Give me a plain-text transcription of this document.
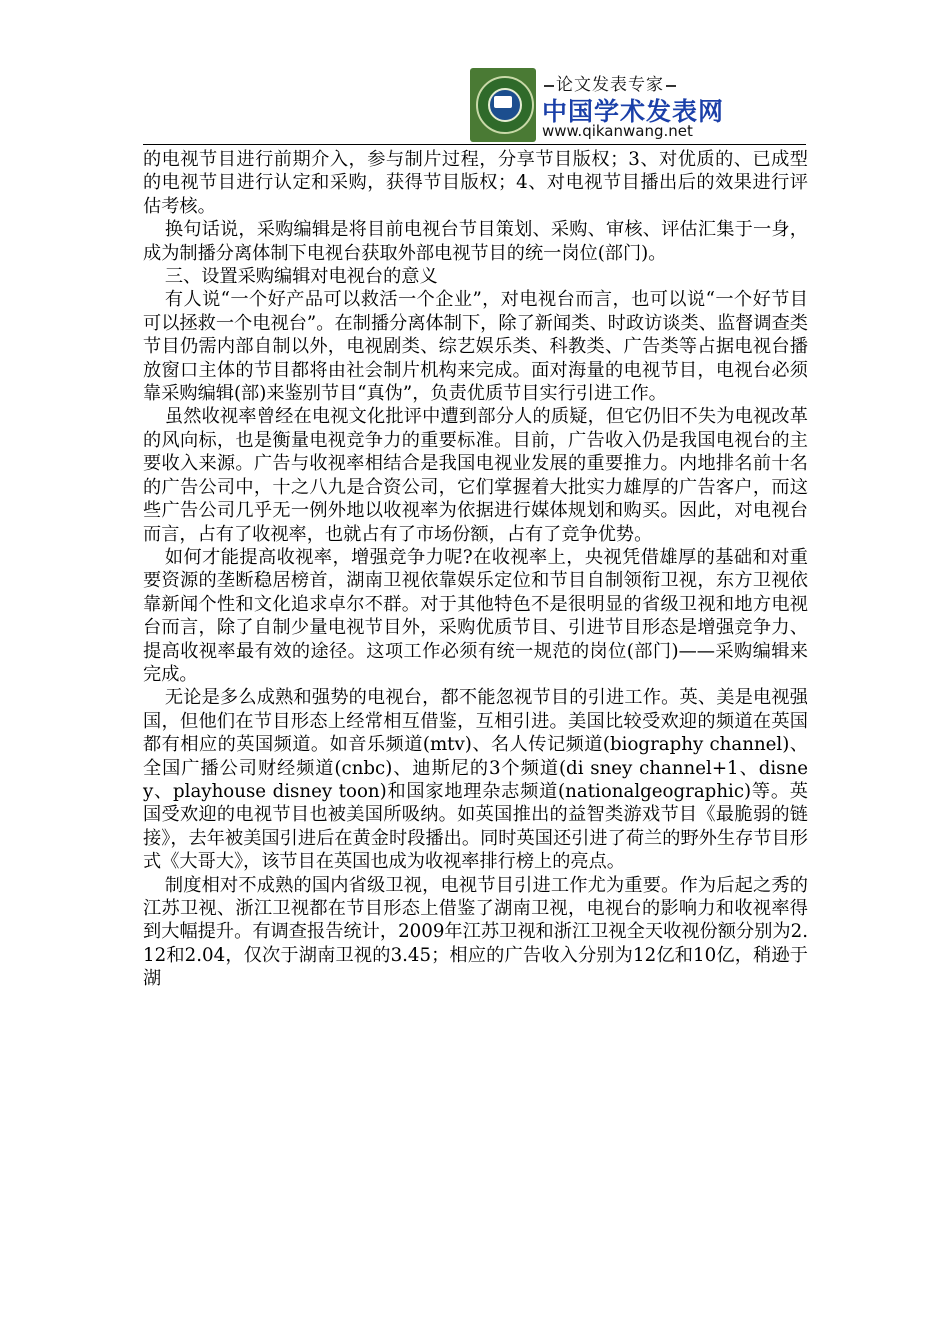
论文发表专家
中国学术发表网
www.qikanwang.net

的电视节目进行前期介入，参与制片过程，分享节目版权；3、对优质的、已成型的电视节目进行认定和采购，获得节目版权；4、对电视节目播出后的效果进行评估考核。

换句话说，采购编辑是将目前电视台节目策划、采购、审核、评估汇集于一身，成为制播分离体制下电视台获取外部电视节目的统一岗位(部门)。

三、设置采购编辑对电视台的意义

有人说“一个好产品可以救活一个企业”，对电视台而言，也可以说“一个好节目可以拯救一个电视台”。在制播分离体制下，除了新闻类、时政访谈类、监督调查类节目仍需内部自制以外，电视剧类、综艺娱乐类、科教类、广告类等占据电视台播放窗口主体的节目都将由社会制片机构来完成。面对海量的电视节目，电视台必须靠采购编辑(部)来鉴别节目“真伪”，负责优质节目实行引进工作。

虽然收视率曾经在电视文化批评中遭到部分人的质疑，但它仍旧不失为电视改革的风向标，也是衡量电视竞争力的重要标准。目前，广告收入仍是我国电视台的主要收入来源。广告与收视率相结合是我国电视业发展的重要推力。内地排名前十名的广告公司中，十之八九是合资公司，它们掌握着大批实力雄厚的广告客户，而这些广告公司几乎无一例外地以收视率为依据进行媒体规划和购买。因此，对电视台而言，占有了收视率，也就占有了市场份额，占有了竞争优势。

如何才能提高收视率，增强竞争力呢?在收视率上，央视凭借雄厚的基础和对重要资源的垄断稳居榜首，湖南卫视依靠娱乐定位和节目自制领衔卫视，东方卫视依靠新闻个性和文化追求卓尔不群。对于其他特色不是很明显的省级卫视和地方电视台而言，除了自制少量电视节目外，采购优质节目、引进节目形态是增强竞争力、提高收视率最有效的途径。这项工作必须有统一规范的岗位(部门)——采购编辑来完成。

无论是多么成熟和强势的电视台，都不能忽视节目的引进工作。英、美是电视强国，但他们在节目形态上经常相互借鉴，互相引进。美国比较受欢迎的频道在英国都有相应的英国频道。如音乐频道(mtv)、名人传记频道(biography channel)、全国广播公司财经频道(cnbc)、迪斯尼的3个频道(di sney channel+1、disney、playhouse disney toon)和国家地理杂志频道(nationalgeographic)等。英国受欢迎的电视节目也被美国所吸纳。如英国推出的益智类游戏节目《最脆弱的链接》，去年被美国引进后在黄金时段播出。同时英国还引进了荷兰的野外生存节目形式《大哥大》，该节目在英国也成为收视率排行榜上的亮点。

制度相对不成熟的国内省级卫视，电视节目引进工作尤为重要。作为后起之秀的江苏卫视、浙江卫视都在节目形态上借鉴了湖南卫视，电视台的影响力和收视率得到大幅提升。有调查报告统计，2009年江苏卫视和浙江卫视全天收视份额分别为2.12和2.04，仅次于湖南卫视的3.45；相应的广告收入分别为12亿和10亿，稍逊于湖
